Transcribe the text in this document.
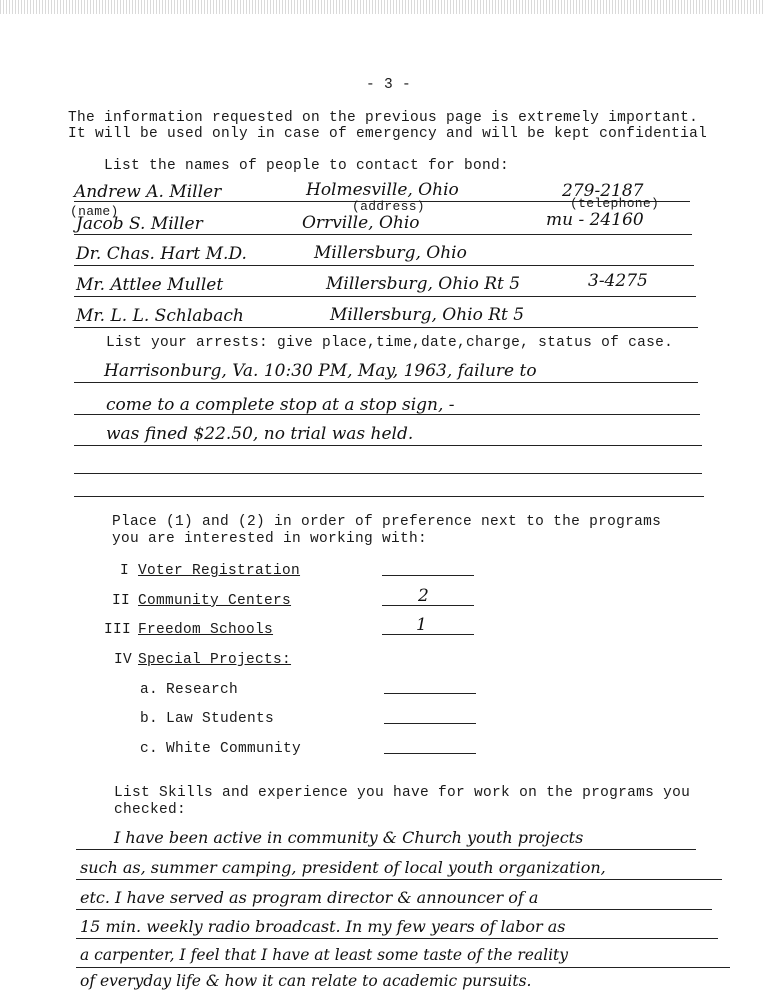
- 3 -
The information requested on the previous page is extremely important.
It will be used only in case of emergency and will be kept confidential
List the names of people to contact for bond:
Andrew A. Miller	Holmesville, Ohio	279-2187
(name)	(address)	(telephone)
Jacob S. Miller	Orrville, Ohio	mu - 24160
Dr. Chas. Hart M.D.	Millersburg, Ohio
Mr. Attlee Mullet	Millersburg, Ohio Rt 5	3-4275
Mr. L. L. Schlabach	Millersburg, Ohio Rt 5
List your arrests: give place,time,date,charge, status of case.
Harrisonburg, Va. 10:30 PM, May, 1963, failure to
come to a complete stop at a stop sign, -
was fined $22.50, no trial was held.
Place (1) and (2) in order of preference next to the programs
you are interested in working with:
I Voter Registration
II Community Centers	2
III Freedom Schools	1
IV Special Projects:
a. Research
b. Law Students
c. White Community
List Skills and experience you have for work on the programs you
checked:
I have been active in community & Church youth projects
such as, summer camping, president of local youth organization,
etc. I have served as program director & announcer of a
15 min. weekly radio broadcast. In my few years of labor as
a carpenter, I feel that I have at least some taste of the reality
of everyday life & how it can relate to academic pursuits.
